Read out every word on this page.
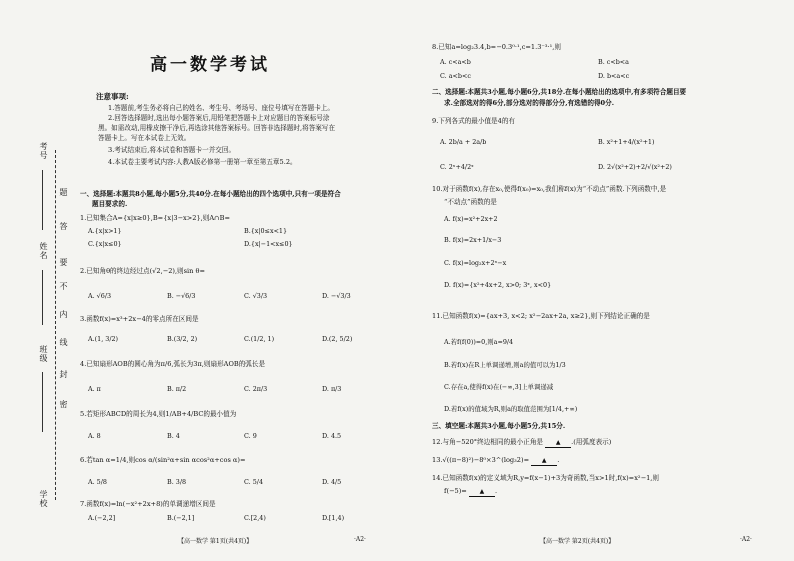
考号
姓名
班级
学校
题
答
要
不
内
线
封
密
高一数学考试
注意事项:
1.答题前,考生务必将自己的姓名、考生号、考场号、座位号填写在答题卡上。
2.回答选择题时,选出每小题答案后,用铅笔把答题卡上对应题目的答案标号涂
黑。如需改动,用橡皮擦干净后,再选涂其他答案标号。回答非选择题时,将答案写在
答题卡上。写在本试卷上无效。
3.考试结束后,将本试卷和答题卡一并交回。
4.本试卷主要考试内容:人教A版必修第一册第一章至第五章5.2。
一、选择题:本题共8小题,每小题5分,共40分.在每小题给出的四个选项中,只有一项是符合
题目要求的.
1.已知集合A={x|x≥0},B={x|3−x>2},则A∩B=
A.{x|x>1}	B.{x|0≤x<1}
C.{x|x≤0}	D.{x|−1<x≤0}
2.已知角θ的终边经过点(√2,−2),则sin θ=
A. √6/3	B. −√6/3	C. √3/3	D. −√3/3
3.函数f(x)=x³+2x−4的零点所在区间是
A.(1, 3/2)	B.(3/2, 2)	C.(1/2, 1)	D.(2, 5/2)
4.已知扇形AOB的圆心角为π/6,弧长为3π,则扇形AOB的弧长是
A. π	B. π/2	C. 2π/3	D. π/3
5.若矩形ABCD的周长为4,则1/AB+4/BC的最小值为
A. 8	B. 4	C. 9	D. 4.5
6.若tan α=1/4,则cos α/(sin²α+sin αcos²α+cos α)=
A. 5/8	B. 3/8	C. 5/4	D. 4/5
7.函数f(x)=ln(−x²+2x+8)的单调递增区间是
A.(−2,2]	B.(−2,1]	C.[2,4)	D.[1,4)
【高一数学 第1页(共4页)】	·A2·
8.已知a=log₂3.4,b=−0.3⁰·¹,c=1.3⁻³·¹,则
A. c<a<b	B. c<b<a
C. a<b<c	D. b<a<c
二、选择题:本题共3小题,每小题6分,共18分.在每小题给出的选项中,有多项符合题目要
求.全部选对的得6分,部分选对的得部分分,有选错的得0分.
9.下列各式的最小值是4的有
A. 2b/a + 2a/b	B. x²+1+4/(x²+1)
C. 2ˣ+4/2ˣ	D. 2√(x²+2)+2/√(x²+2)
10.对于函数f(x),存在x₀,使得f(x₀)=x₀,我们称f(x)为“不动点”函数.下列函数中,是
“不动点”函数的是
A. f(x)=x²+2x+2
B. f(x)=2x+1/x−3
C. f(x)=log₂x+2ˣ−x
D. f(x)={x²+4x+2, x>0; 3ˣ, x<0}
11.已知函数f(x)={ax+3, x<2; x²−2ax+2a, x≥2},则下列结论正确的是
A.若f(f(0))=0,则a=9/4
B.若f(x)在R上单调递增,则a的值可以为1/3
C.存在a,使得f(x)在(−∞,3]上单调递减
D.若f(x)的值域为R,则a的取值范围为[1/4,+∞)
三、填空题:本题共3小题,每小题5分,共15分.
12.与角−520°终边相同的最小正角是 ▲ .(用弧度表示)
13.√((π−8)²)−8⁰×3^(log₃2)= ▲ .
14.已知函数f(x)的定义域为R,y=f(x−1)+3为奇函数,当x>1时,f(x)=x²−1,则
f(−5)= ▲ .
【高一数学 第2页(共4页)】	·A2·
